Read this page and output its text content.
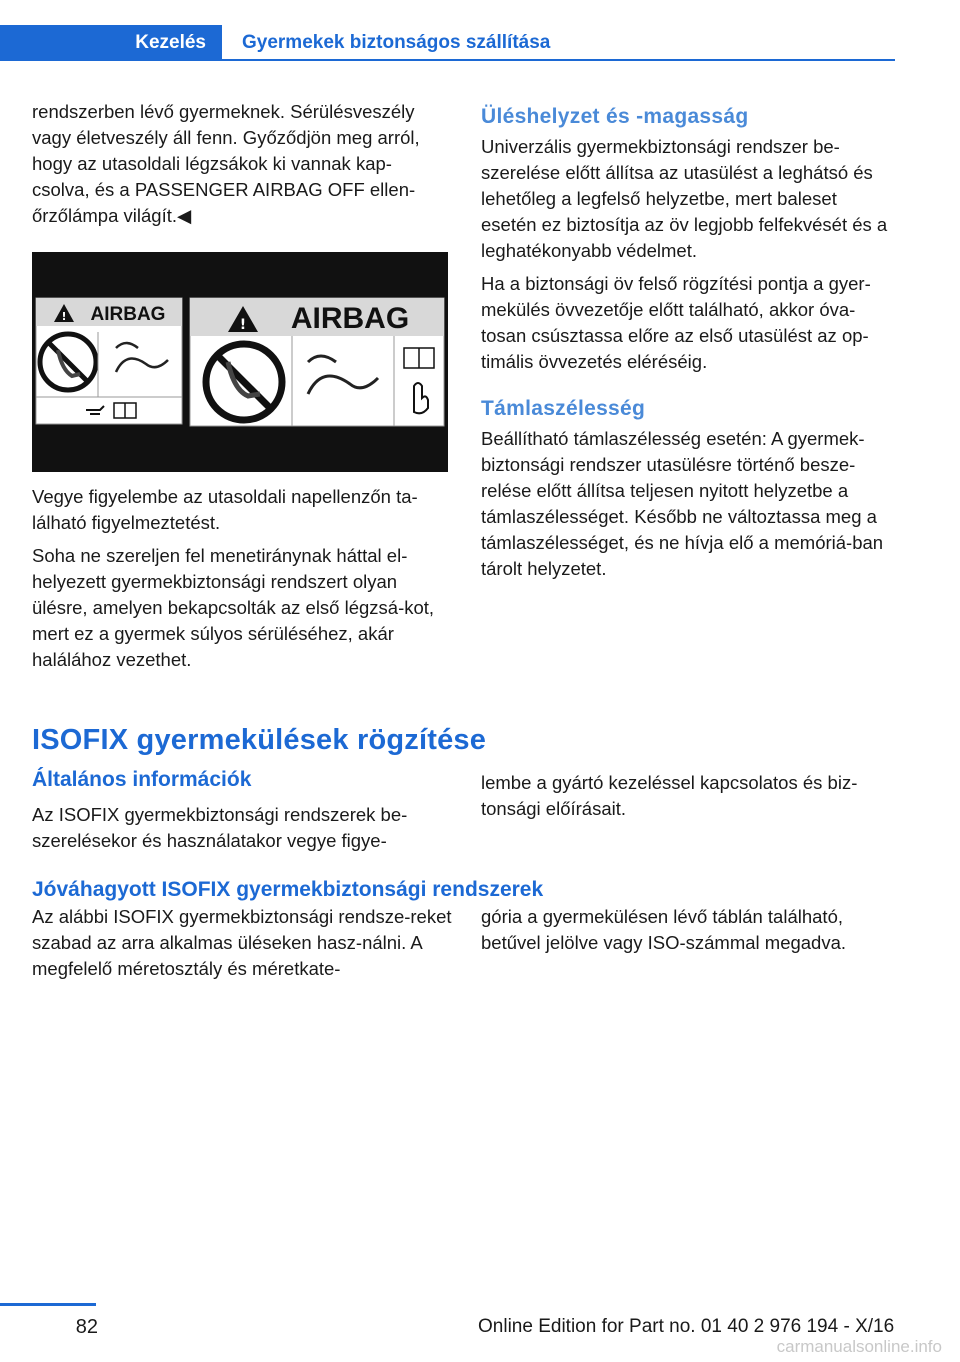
Kezelés	Gyermekek biztonságos szállítása

rendszerben lévő gyermeknek. Sérülésveszély vagy életveszély áll fenn. Győződjön meg arról, hogy az utasoldali légzsákok ki vannak kap-csolva, és a PASSENGER AIRBAG OFF ellen-őrzőlámpa világít.◀

! AIRBAG	! AIRBAG

Vegye figyelembe az utasoldali napellenzőn ta-lálható figyelmeztetést.

Soha ne szereljen fel menetiránynak háttal el-helyezett gyermekbiztonsági rendszert olyan ülésre, amelyen bekapcsolták az első légzsá-kot, mert ez a gyermek súlyos sérüléséhez, akár halálához vezethet.

Üléshelyzet és -magasság

Univerzális gyermekbiztonsági rendszer be-szerelése előtt állítsa az utasülést a leghátsó és lehetőleg a legfelső helyzetbe, mert baleset esetén ez biztosítja az öv legjobb felfekvését és a leghatékonyabb védelmet.

Ha a biztonsági öv felső rögzítési pontja a gyer-mekülés övvezetője előtt található, akkor óva-tosan csúsztassa előre az első utasülést az op-timális övvezetés eléréséig.

Támlaszélesség

Beállítható támlaszélesség esetén: A gyermek-biztonsági rendszer utasülésre történő besze-relése előtt állítsa teljesen nyitott helyzetbe a támlaszélességet. Később ne változtassa meg a támlaszélességet, és ne hívja elő a memóriá-ban tárolt helyzetet.

ISOFIX gyermekülések rögzítése
Általános információk
Az ISOFIX gyermekbiztonsági rendszerek be-szerelésekor és használatakor vegye figye-
lembe a gyártó kezeléssel kapcsolatos és biz-tonsági előírásait.
Jóváhagyott ISOFIX gyermekbiztonsági rendszerek
Az alábbi ISOFIX gyermekbiztonsági rendsze-reket szabad az arra alkalmas üléseken hasz-nálni. A megfelelő méretosztály és méretkate-
gória a gyermekülésen lévő táblán található, betűvel jelölve vagy ISO-számmal megadva.
82	Online Edition for Part no. 01 40 2 976 194 - X/16
carmanualsonline.info
